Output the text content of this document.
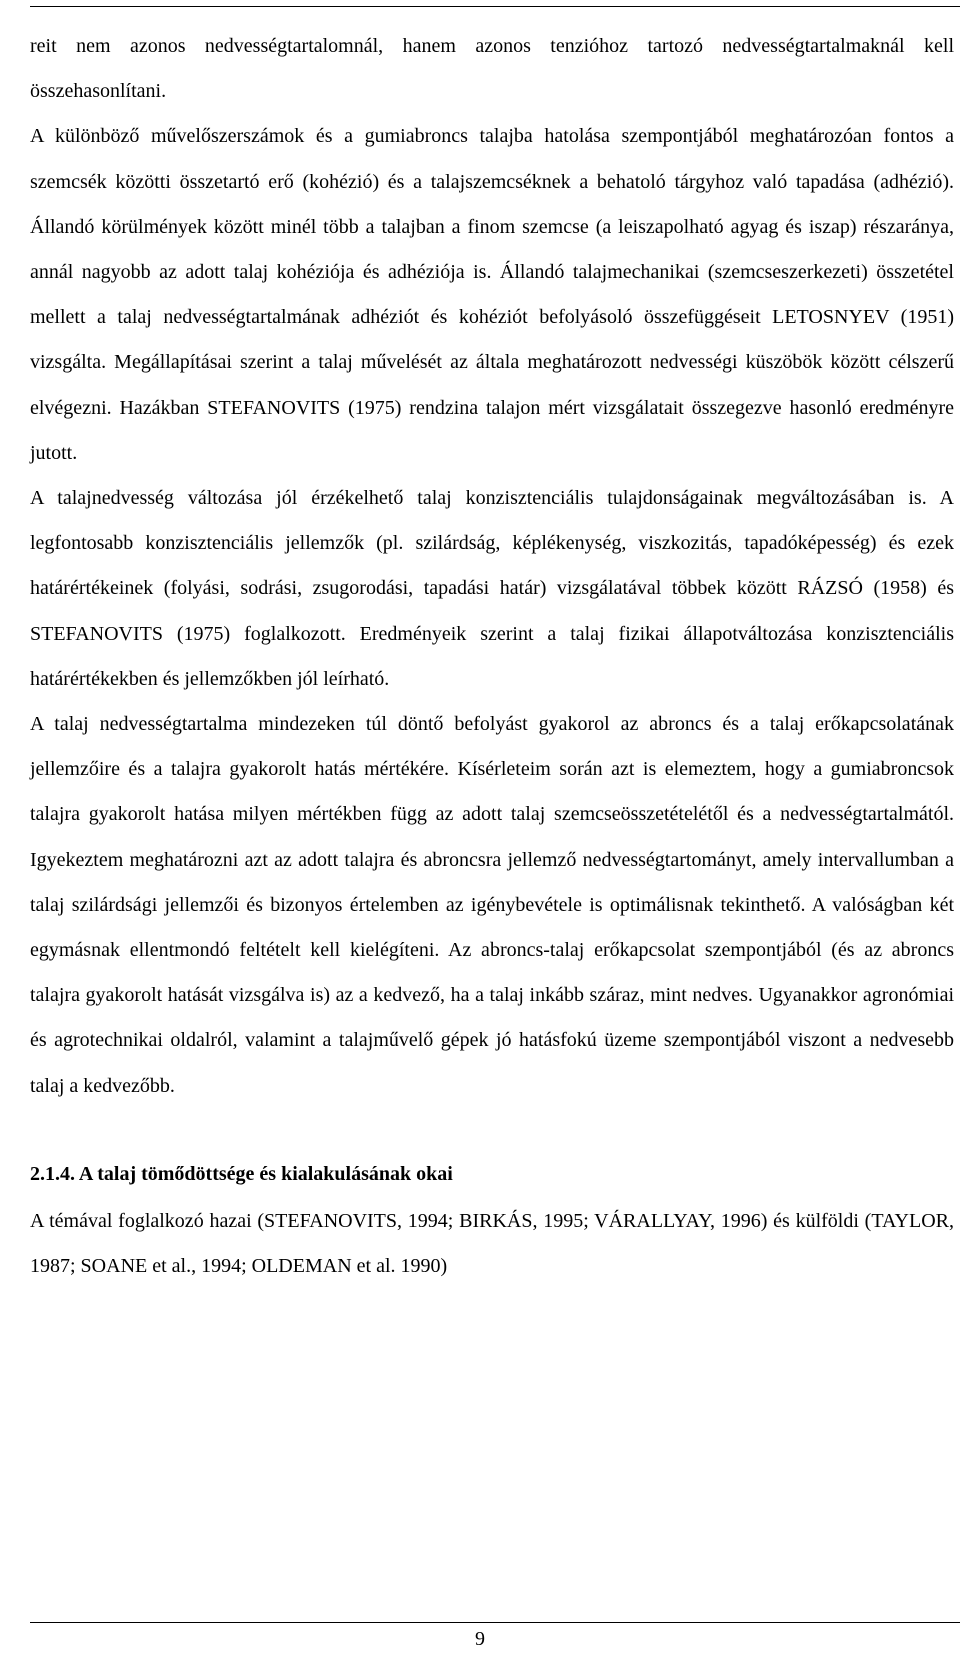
reit nem azonos nedvességtartalomnál, hanem azonos tenzióhoz tartozó nedvességtartalmaknál kell összehasonlítani.

A különböző művelőszerszámok és a gumiabroncs talajba hatolása szempontjából meghatározóan fontos a szemcsék közötti összetartó erő (kohézió) és a talajszemcséknek a behatoló tárgyhoz való tapadása (adhézió). Állandó körülmények között minél több a talajban a finom szemcse (a leiszapolható agyag és iszap) részaránya, annál nagyobb az adott talaj kohéziója és adhéziója is. Állandó talajmechanikai (szemcseszerkezeti) összetétel mellett a talaj nedvességtartalmának adhéziót és kohéziót befolyásoló összefüggéseit LETOSNYEV (1951) vizsgálta. Megállapításai szerint a talaj művelését az általa meghatározott nedvességi küszöbök között célszerű elvégezni. Hazákban STEFANOVITS (1975) rendzina talajon mért vizsgálatait összegezve hasonló eredményre jutott.

A talajnedvesség változása jól érzékelhető talaj konzisztenciális tulajdonságainak megváltozásában is. A legfontosabb konzisztenciális jellemzők (pl. szilárdság, képlékenység, viszkozitás, tapadóképesség) és ezek határértékeinek (folyási, sodrási, zsugorodási, tapadási határ) vizsgálatával többek között RÁZSÓ (1958) és STEFANOVITS (1975) foglalkozott. Eredményeik szerint a talaj fizikai állapotváltozása konzisztenciális határértékekben és jellemzőkben jól leírható.

A talaj nedvességtartalma mindezeken túl döntő befolyást gyakorol az abroncs és a talaj erőkapcsolatának jellemzőire és a talajra gyakorolt hatás mértékére. Kísérleteim során azt is elemeztem, hogy a gumiabroncsok talajra gyakorolt hatása milyen mértékben függ az adott talaj szemcseösszetételétől és a nedvességtartalmától. Igyekeztem meghatározni azt az adott talajra és abroncsra jellemző nedvességtartományt, amely intervallumban a talaj szilárdsági jellemzői és bizonyos értelemben az igénybevétele is optimálisnak tekinthető. A valóságban két egymásnak ellentmondó feltételt kell kielégíteni. Az abroncs-talaj erőkapcsolat szempontjából (és az abroncs talajra gyakorolt hatását vizsgálva is) az a kedvező, ha a talaj inkább száraz, mint nedves. Ugyanakkor agronómiai és agrotechnikai oldalról, valamint a talajművelő gépek jó hatásfokú üzeme szempontjából viszont a nedvesebb talaj a kedvezőbb.

2.1.4. A talaj tömődöttsége és kialakulásának okai

A témával foglalkozó hazai (STEFANOVITS, 1994; BIRKÁS, 1995; VÁRALLYAY, 1996) és külföldi (TAYLOR, 1987; SOANE et al., 1994; OLDEMAN et al. 1990)

9
